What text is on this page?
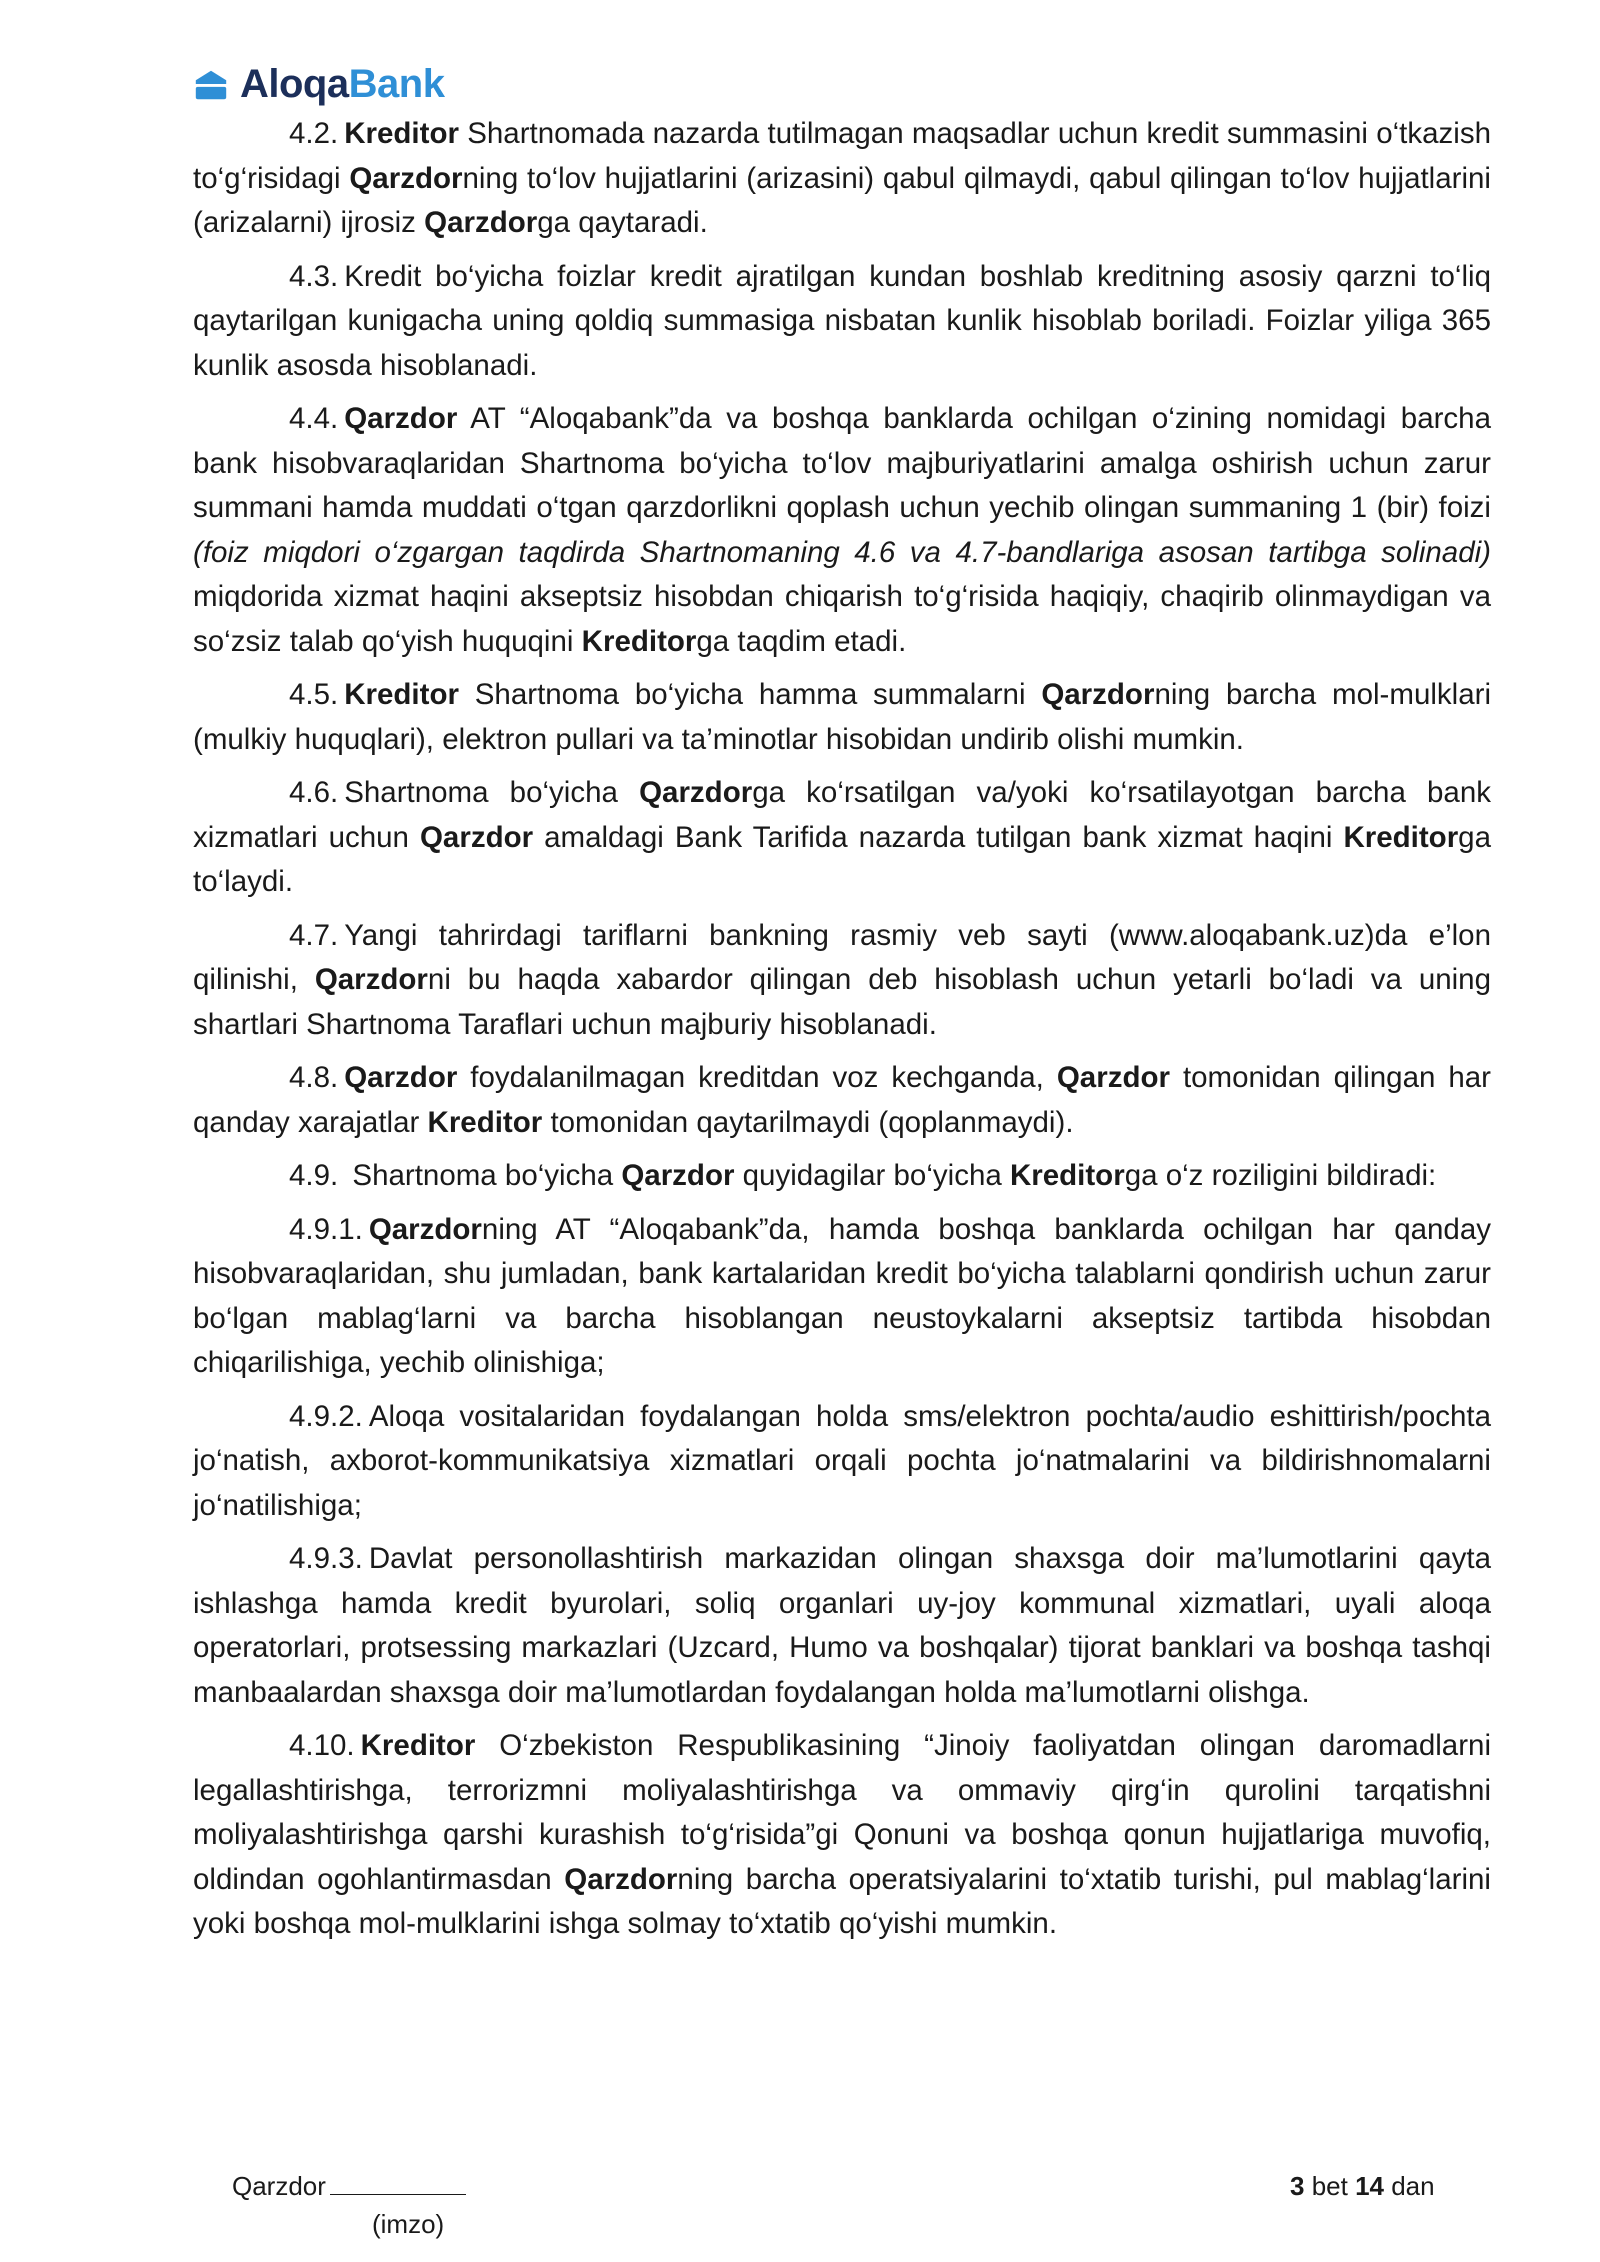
AloqaBank

4.2. Kreditor Shartnomada nazarda tutilmagan maqsadlar uchun kredit summasini o‘tkazish to‘g‘risidagi Qarzdorning to‘lov hujjatlarini (arizasini) qabul qilmaydi, qabul qilingan to‘lov hujjatlarini (arizalarni) ijrosiz Qarzdorga qaytaradi.

4.3. Kredit bo‘yicha foizlar kredit ajratilgan kundan boshlab kreditning asosiy qarzni to‘liq qaytarilgan kunigacha uning qoldiq summasiga nisbatan kunlik hisoblab boriladi. Foizlar yiliga 365 kunlik asosda hisoblanadi.

4.4. Qarzdor AT “Aloqabank”da va boshqa banklarda ochilgan o‘zining nomidagi barcha bank hisobvaraqlaridan Shartnoma bo‘yicha to‘lov majburiyatlarini amalga oshirish uchun zarur summani hamda muddati o‘tgan qarzdorlikni qoplash uchun yechib olingan summaning 1 (bir) foizi (foiz miqdori o‘zgargan taqdirda Shartnomaning 4.6 va 4.7-bandlariga asosan tartibga solinadi) miqdorida xizmat haqini akseptsiz hisobdan chiqarish to‘g‘risida haqiqiy, chaqirib olinmaydigan va so‘zsiz talab qo‘yish huquqini Kreditorga taqdim etadi.

4.5. Kreditor Shartnoma bo‘yicha hamma summalarni Qarzdorning barcha mol-mulklari (mulkiy huquqlari), elektron pullari va ta’minotlar hisobidan undirib olishi mumkin.

4.6. Shartnoma bo‘yicha Qarzdorga ko‘rsatilgan va/yoki ko‘rsatilayotgan barcha bank xizmatlari uchun Qarzdor amaldagi Bank Tarifida nazarda tutilgan bank xizmat haqini Kreditorga to‘laydi.

4.7. Yangi tahrirdagi tariflarni bankning rasmiy veb sayti (www.aloqabank.uz)da e’lon qilinishi, Qarzdorni bu haqda xabardor qilingan deb hisoblash uchun yetarli bo‘ladi va uning shartlari Shartnoma Taraflari uchun majburiy hisoblanadi.

4.8. Qarzdor foydalanilmagan kreditdan voz kechganda, Qarzdor tomonidan qilingan har qanday xarajatlar Kreditor tomonidan qaytarilmaydi (qoplanmaydi).

4.9. Shartnoma bo‘yicha Qarzdor quyidagilar bo‘yicha Kreditorga o‘z roziligini bildiradi:

4.9.1. Qarzdorning AT “Aloqabank”da, hamda boshqa banklarda ochilgan har qanday hisobvaraqlaridan, shu jumladan, bank kartalaridan kredit bo‘yicha talablarni qondirish uchun zarur bo‘lgan mablag‘larni va barcha hisoblangan neustoykalarni akseptsiz tartibda hisobdan chiqarilishiga, yechib olinishiga;

4.9.2. Aloqa vositalaridan foydalangan holda sms/elektron pochta/audio eshittirish/pochta jo‘natish, axborot-kommunikatsiya xizmatlari orqali pochta jo‘natmalarini va bildirishnomalarni jo‘natilishiga;

4.9.3. Davlat personollashtirish markazidan olingan shaxsga doir ma’lumotlarini qayta ishlashga hamda kredit byurolari, soliq organlari uy-joy kommunal xizmatlari, uyali aloqa operatorlari, protsessing markazlari (Uzcard, Humo va boshqalar) tijorat banklari va boshqa tashqi manbaalardan shaxsga doir ma’lumotlardan foydalangan holda ma’lumotlarni olishga.

4.10. Kreditor O‘zbekiston Respublikasining “Jinoiy faoliyatdan olingan daromadlarni legallashtirishga, terrorizmni moliyalashtirishga va ommaviy qirg‘in qurolini tarqatishni moliyalashtirishga qarshi kurashish to‘g‘risida”gi Qonuni va boshqa qonun hujjatlariga muvofiq, oldindan ogohlantirmasdan Qarzdorning barcha operatsiyalarini to‘xtatib turishi, pul mablag‘larini yoki boshqa mol-mulklarini ishga solmay to‘xtatib qo‘yishi mumkin.

Qarzdor
(imzo)
3 bet 14 dan
